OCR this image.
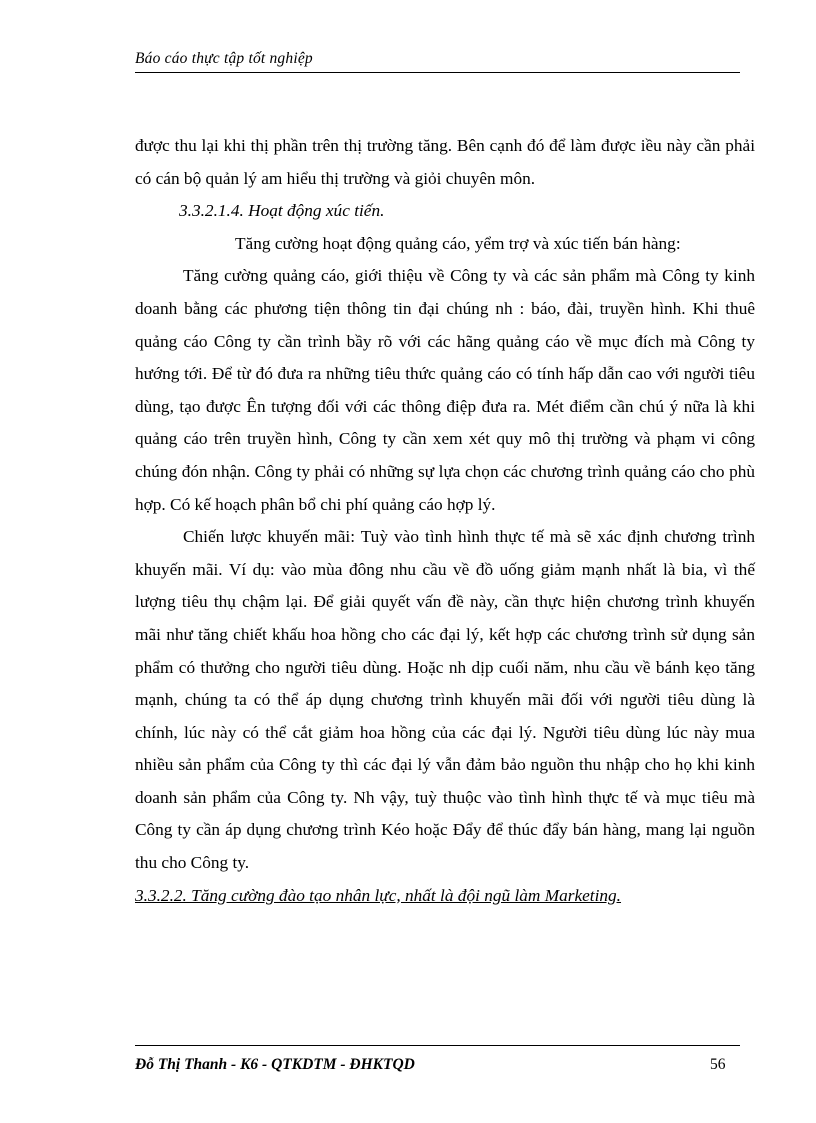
Báo cáo thực tập tốt nghiệp

được thu lại khi thị phần trên thị trường tăng. Bên cạnh đó để làm được iều này cần phải có cán bộ quản lý am hiểu thị trường và giỏi chuyên môn.

3.3.2.1.4. Hoạt động xúc tiến.

Tăng cường hoạt động quảng cáo, yểm trợ và xúc tiến bán hàng:

Tăng cường quảng cáo, giới thiệu về Công ty và các sản phẩm mà Công ty kinh doanh bằng các phương tiện thông tin đại chúng nh : báo, đài, truyền hình. Khi thuê quảng cáo Công ty cần trình bầy rõ với các hãng quảng cáo về mục đích mà Công ty hướng tới. Để từ đó đưa ra những tiêu thức quảng cáo có tính hấp dẫn cao với người tiêu dùng, tạo được Ên tượng đối với các thông điệp đưa ra. Mét điểm cần chú ý nữa là khi quảng cáo trên truyền hình, Công ty cần xem xét quy mô thị trường và phạm vi công chúng đón nhận. Công ty phải có những sự lựa chọn các chương trình quảng cáo cho phù hợp. Có kế hoạch phân bổ chi phí quảng cáo hợp lý.

Chiến lược khuyến mãi: Tuỳ vào tình hình thực tế mà sẽ xác định chương trình khuyến mãi. Ví dụ: vào mùa đông nhu cầu về đồ uống giảm mạnh nhất là bia, vì thế lượng tiêu thụ chậm lại. Để giải quyết vấn đề này, cần thực hiện chương trình khuyến mãi như tăng chiết khấu hoa hồng cho các đại lý, kết hợp các chương trình sử dụng sản phẩm có thưởng cho người tiêu dùng. Hoặc nh dịp cuối năm, nhu cầu về bánh kẹo tăng mạnh, chúng ta có thể áp dụng chương trình khuyến mãi đối với người tiêu dùng là chính, lúc này có thể cắt giảm hoa hồng của các đại lý. Người tiêu dùng lúc này mua nhiều sản phẩm của Công ty thì các đại lý vẫn đảm bảo nguồn thu nhập cho họ khi kinh doanh sản phẩm của Công ty. Nh vậy, tuỳ thuộc vào tình hình thực tế và mục tiêu mà Công ty cần áp dụng chương trình Kéo hoặc Đẩy để thúc đẩy bán hàng, mang lại nguồn thu cho Công ty.

3.3.2.2. Tăng cường đào tạo nhân lực, nhất là đội ngũ làm Marketing.

Đỗ Thị Thanh - K6 - QTKDTM - ĐHKTQD	56
